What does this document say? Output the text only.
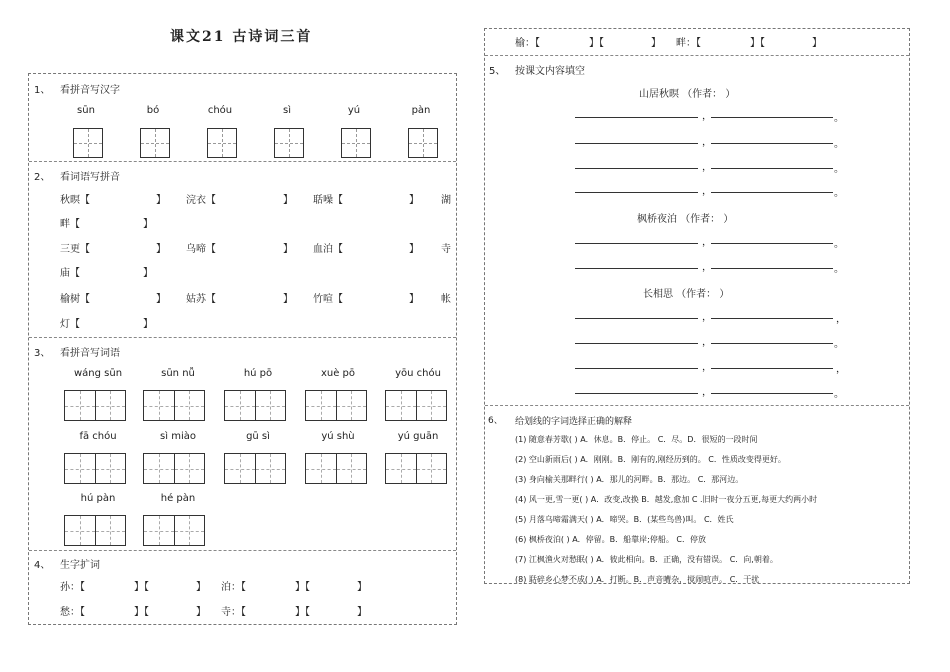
课文21 古诗词三首
1、 看拼音写汉字
sūn	bó	chóu	sì	yú	pàn
2、 看词语写拼音
秋暝【	】 浣衣【	】 聒噪【	】 湖
畔【	】
三更【	】 乌啼【	】 血泊【	】 寺
庙【	】
榆树【	】 姑苏【	】 竹喧【	】 帐
灯【	】
3、 看拼音写词语
wáng sūn	sūn nǚ	hú pō	xuè pō	yōu chóu
fā chóu	sì miào	gū sì	yú shù	yú guān
hú pàn	hé pàn
4、 生字扩词
孙：【	】【	】 泊：【	】【	】
愁：【	】【	】 寺：【	】【	】
榆：【	】【	】 畔：【	】【	】
5、 按课文内容填空
山居秋暝 （作者： ）
，	。
，	。
，	。
，	。
枫桥夜泊 （作者： ）
，	。
，	。
长相思 （作者： ）
，	，
，	。
，	，
，	。
6、 给划线的字词选择正确的解释
(1) 随意春芳歇( ) A．休息。B．停止。 C．尽。D．很短的一段时间
(2) 空山新雨后( ) A．刚刚。B．刚有的,刚经历到的。 C．性质改变得更好。
(3) 身向榆关那畔行( ) A．那儿的河畔。B．那边。 C．那河边。
(4) 风一更,雪一更( ) A．改变,改换 B．越发,愈加 C .旧时一夜分五更,每更大约两小时
(5) 月落乌啼霜满天( ) A．啼哭。B．(某些鸟兽)叫。 C．姓氏
(6) 枫桥夜泊( ) A．停留。B．船靠岸;停船。 C．停放
(7) 江枫渔火对愁眠( ) A．彼此相向。B．正确，没有错误。 C．向,朝着。
(8) 聒碎乡心梦不成( ) A．打断。B．声音嘈杂，搅闹喧声。 C．干扰
